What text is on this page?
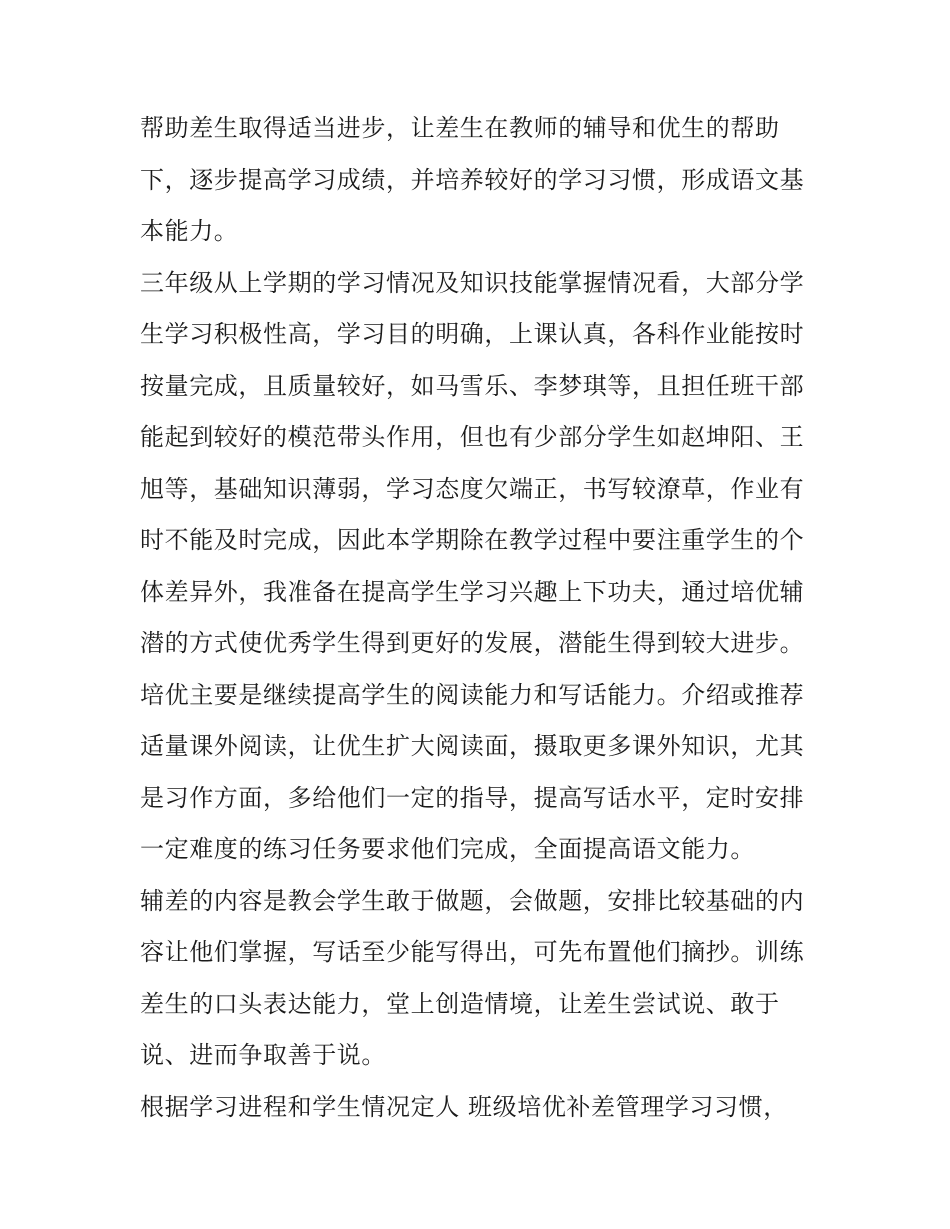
帮助差生取得适当进步，让差生在教师的辅导和优生的帮助
下，逐步提高学习成绩，并培养较好的学习习惯，形成语文基
本能力。
三年级从上学期的学习情况及知识技能掌握情况看，大部分学
生学习积极性高，学习目的明确，上课认真，各科作业能按时
按量完成，且质量较好，如马雪乐、李梦琪等，且担任班干部
能起到较好的模范带头作用，但也有少部分学生如赵坤阳、王
旭等，基础知识薄弱，学习态度欠端正，书写较潦草，作业有
时不能及时完成，因此本学期除在教学过程中要注重学生的个
体差异外，我准备在提高学生学习兴趣上下功夫，通过培优辅
潜的方式使优秀学生得到更好的发展，潜能生得到较大进步。
培优主要是继续提高学生的阅读能力和写话能力。介绍或推荐
适量课外阅读，让优生扩大阅读面，摄取更多课外知识，尤其
是习作方面，多给他们一定的指导，提高写话水平，定时安排
一定难度的练习任务要求他们完成，全面提高语文能力。
辅差的内容是教会学生敢于做题，会做题，安排比较基础的内
容让他们掌握，写话至少能写得出，可先布置他们摘抄。训练
差生的口头表达能力，堂上创造情境，让差生尝试说、敢于
说、进而争取善于说。
根据学习进程和学生情况定人 班级培优补差管理学习习惯，
